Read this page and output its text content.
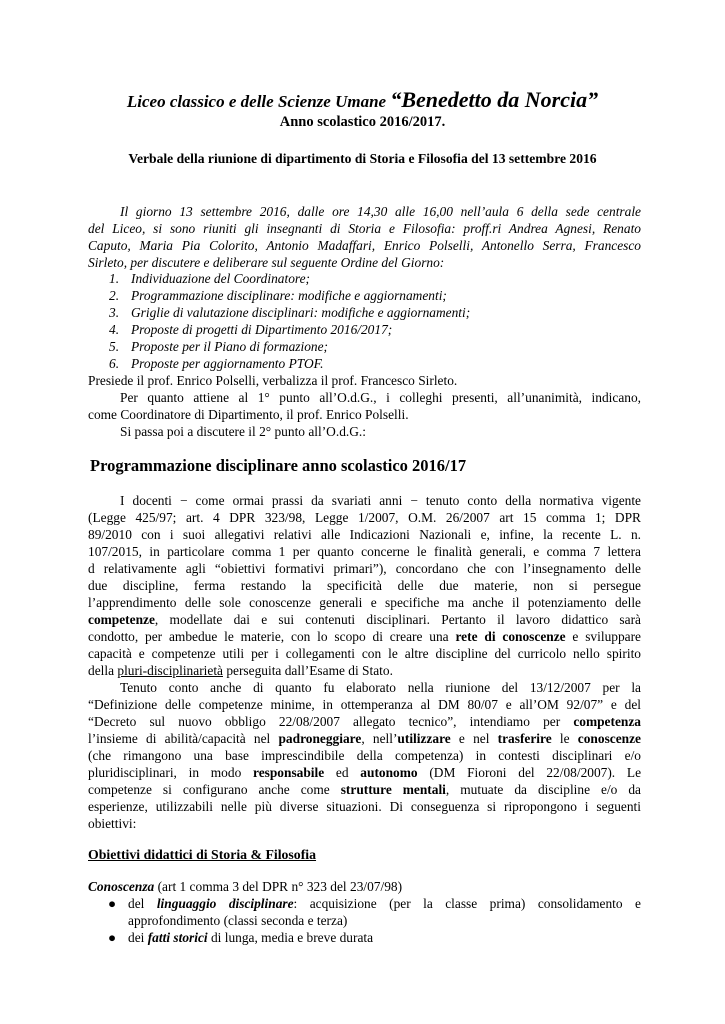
Liceo classico e delle Scienze Umane “Benedetto da Norcia”
Anno scolastico 2016/2017.
Verbale della riunione di dipartimento di Storia e Filosofia del 13 settembre 2016
Il giorno 13 settembre 2016, dalle ore 14,30 alle 16,00 nell’aula 6 della sede centrale
del Liceo, si sono riuniti gli insegnanti di Storia e Filosofia: proff.ri Andrea Agnesi, Renato
Caputo, Maria Pia Colorito, Antonio Madaffari, Enrico Polselli, Antonello Serra, Francesco
Sirleto, per discutere e deliberare sul seguente Ordine del Giorno:
1. Individuazione del Coordinatore;
2. Programmazione disciplinare: modifiche e aggiornamenti;
3. Griglie di valutazione disciplinari: modifiche e aggiornamenti;
4. Proposte di progetti di Dipartimento 2016/2017;
5. Proposte per il Piano di formazione;
6. Proposte per aggiornamento PTOF.
Presiede il prof. Enrico Polselli, verbalizza il prof. Francesco Sirleto.
Per quanto attiene al 1° punto all’O.d.G., i colleghi presenti, all’unanimità, indicano,
come Coordinatore di Dipartimento, il prof. Enrico Polselli.
Si passa poi a discutere il 2° punto all’O.d.G.:
Programmazione disciplinare anno scolastico 2016/17
I docenti − come ormai prassi da svariati anni − tenuto conto della normativa vigente
(Legge 425/97; art. 4 DPR 323/98, Legge 1/2007, O.M. 26/2007 art 15 comma 1; DPR
89/2010 con i suoi allegativi relativi alle Indicazioni Nazionali e, infine, la recente L. n.
107/2015, in particolare comma 1 per quanto concerne le finalità generali, e comma 7 lettera
d relativamente agli “obiettivi formativi primari”), concordano che con l’insegnamento delle
due discipline, ferma restando la specificità delle due materie, non si persegue
l’apprendimento delle sole conoscenze generali e specifiche ma anche il potenziamento delle
competenze, modellate dai e sui contenuti disciplinari. Pertanto il lavoro didattico sarà
condotto, per ambedue le materie, con lo scopo di creare una rete di conoscenze e sviluppare
capacità e competenze utili per i collegamenti con le altre discipline del curricolo nello spirito
della pluri-disciplinarietà perseguita dall’Esame di Stato.
Tenuto conto anche di quanto fu elaborato nella riunione del 13/12/2007 per la
“Definizione delle competenze minime, in ottemperanza al DM 80/07 e all’OM 92/07” e del
“Decreto sul nuovo obbligo 22/08/2007 allegato tecnico”, intendiamo per competenza
l’insieme di abilità/capacità nel padroneggiare, nell’utilizzare e nel trasferire le conoscenze
(che rimangono una base imprescindibile della competenza) in contesti disciplinari e/o
pluridisciplinari, in modo responsabile ed autonomo (DM Fioroni del 22/08/2007). Le
competenze si configurano anche come strutture mentali, mutuate da discipline e/o da
esperienze, utilizzabili nelle più diverse situazioni. Di conseguenza si ripropongono i seguenti
obiettivi:
Obiettivi didattici di Storia & Filosofia
Conoscenza (art 1 comma 3 del DPR n° 323 del 23/07/98)
● del linguaggio disciplinare: acquisizione (per la classe prima) consolidamento e
approfondimento (classi seconda e terza)
● dei fatti storici di lunga, media e breve durata
